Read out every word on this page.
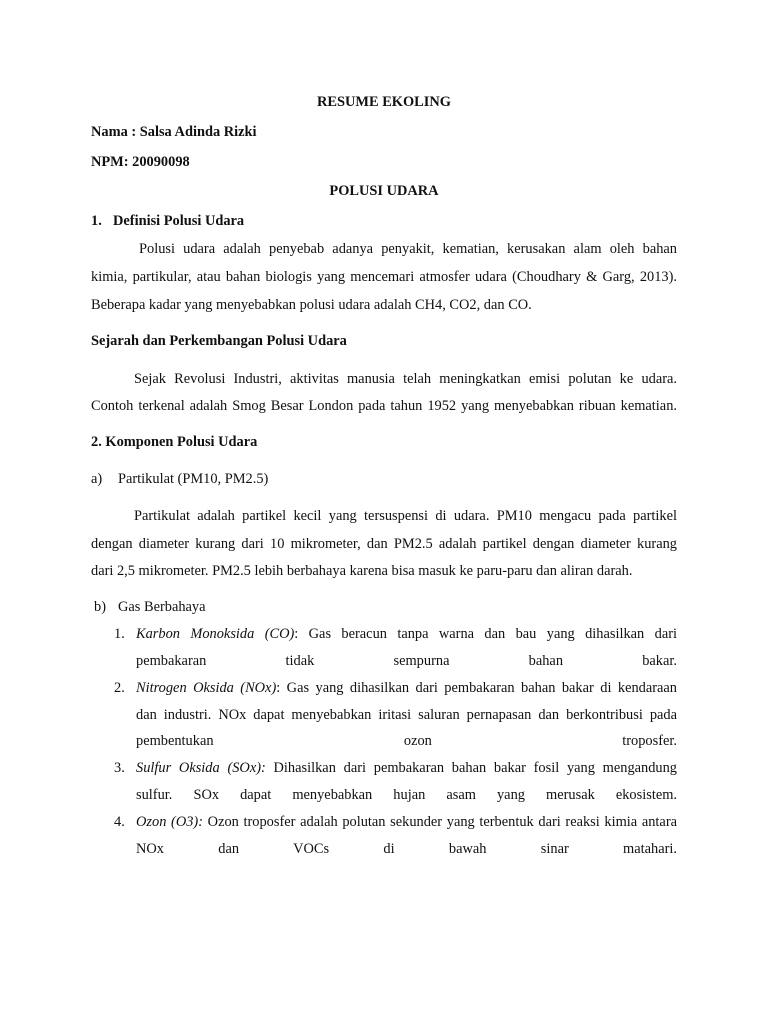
RESUME EKOLING

Nama : Salsa Adinda Rizki

NPM: 20090098

POLUSI UDARA

1. Definisi Polusi Udara

Polusi udara adalah penyebab adanya penyakit, kematian, kerusakan alam oleh bahan

kimia, partikular, atau bahan biologis yang mencemari atmosfer udara (Choudhary & Garg, 2013).

Beberapa kadar yang menyebabkan polusi udara adalah CH4, CO2, dan CO.

Sejarah dan Perkembangan Polusi Udara

Sejak Revolusi Industri, aktivitas manusia telah meningkatkan emisi polutan ke udara.

Contoh terkenal adalah Smog Besar London pada tahun 1952 yang menyebabkan ribuan kematian.

2. Komponen Polusi Udara

a) Partikulat (PM10, PM2.5)

Partikulat adalah partikel kecil yang tersuspensi di udara. PM10 mengacu pada partikel

dengan diameter kurang dari 10 mikrometer, dan PM2.5 adalah partikel dengan diameter kurang

dari 2,5 mikrometer. PM2.5 lebih berbahaya karena bisa masuk ke paru-paru dan aliran darah.

b) Gas Berbahaya

1. Karbon Monoksida (CO): Gas beracun tanpa warna dan bau yang dihasilkan dari

pembakaran tidak sempurna bahan bakar.

2. Nitrogen Oksida (NOx): Gas yang dihasilkan dari pembakaran bahan bakar di kendaraan

dan industri. NOx dapat menyebabkan iritasi saluran pernapasan dan berkontribusi pada

pembentukan ozon troposfer.

3. Sulfur Oksida (SOx): Dihasilkan dari pembakaran bahan bakar fosil yang mengandung

sulfur. SOx dapat menyebabkan hujan asam yang merusak ekosistem.

4. Ozon (O3): Ozon troposfer adalah polutan sekunder yang terbentuk dari reaksi kimia antara

NOx dan VOCs di bawah sinar matahari.
